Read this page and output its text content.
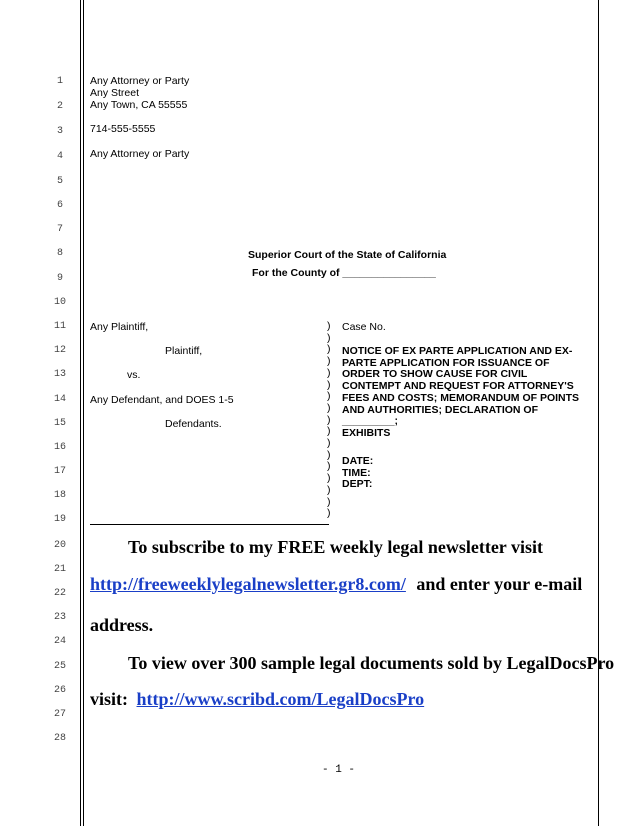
1
2
3
4
5
6
7
8
9
10
11
12
13
14
15
16
17
18
19
20
21
22
23
24
25
26
27
28
Any Attorney or Party
Any Street
Any Town, CA 55555
714-555-5555
Any Attorney or Party
Superior Court of the State of California
For the County of ________________
Any Plaintiff,
Plaintiff,
vs.
Any Defendant, and DOES 1-5
Defendants.
)
)
)
)
)
)
)
)
)
)
)
)
)
)
)
)
)
Case No.
NOTICE OF EX PARTE APPLICATION AND EX-
PARTE APPLICATION FOR ISSUANCE OF
ORDER TO SHOW CAUSE FOR CIVIL
CONTEMPT AND REQUEST FOR ATTORNEY'S
FEES AND COSTS; MEMORANDUM OF POINTS
AND AUTHORITIES; DECLARATION OF
_________;
EXHIBITS
DATE:
TIME:
DEPT:
To subscribe to my FREE weekly legal newsletter visit
http://freeweeklylegalnewsletter.gr8.com/ and enter your e-mail
address.
To view over 300 sample legal documents sold by LegalDocsPro
visit: http://www.scribd.com/LegalDocsPro
- 1 -
